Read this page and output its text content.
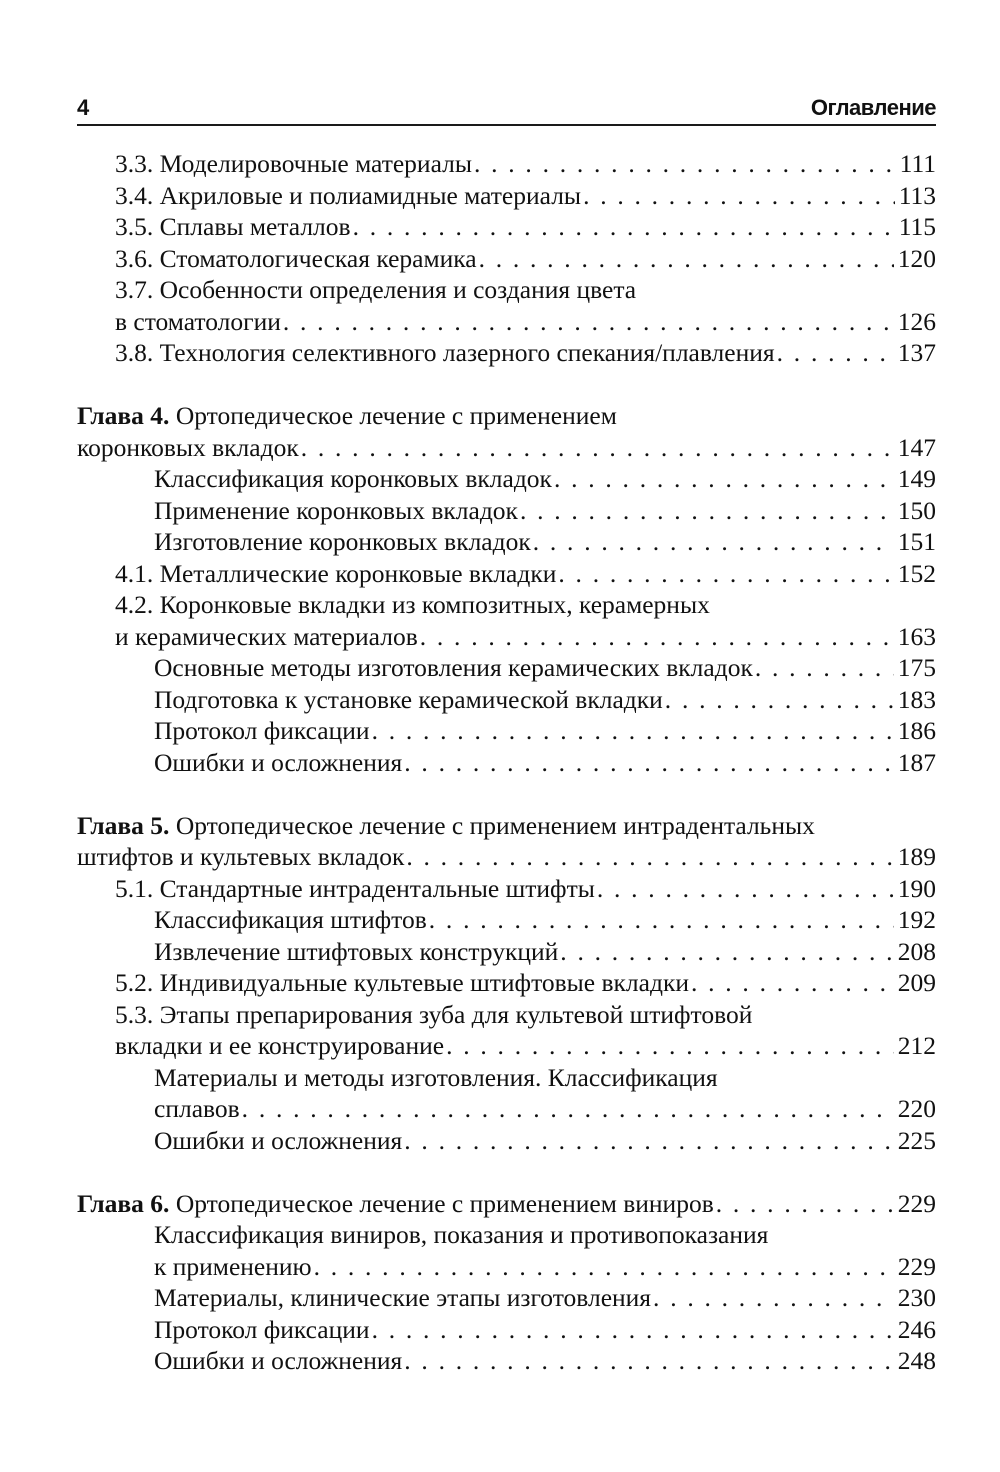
4	Оглавление
3.3. Моделировочные материалы . . .	111
3.4. Акриловые и полиамидные материалы . . .	113
3.5. Сплавы металлов . . .	115
3.6. Стоматологическая керамика . . .	120
3.7. Особенности определения и создания цвета
в стоматологии . . .	126
3.8. Технология селективного лазерного спекания/плавления . . .	137
Глава 4. Ортопедическое лечение с применением
коронковых вкладок . . .	147
Классификация коронковых вкладок . . .	149
Применение коронковых вкладок . . .	150
Изготовление коронковых вкладок . . .	151
4.1. Металлические коронковые вкладки . . .	152
4.2. Коронковые вкладки из композитных, керамерных
и керамических материалов . . .	163
Основные методы изготовления керамических вкладок . . .	175
Подготовка к установке керамической вкладки . . .	183
Протокол фиксации . . .	186
Ошибки и осложнения . . .	187
Глава 5. Ортопедическое лечение с применением интрадентальных
штифтов и культевых вкладок . . .	189
5.1. Стандартные интрадентальные штифты . . .	190
Классификация штифтов . . .	192
Извлечение штифтовых конструкций . . .	208
5.2. Индивидуальные культевые штифтовые вкладки . . .	209
5.3. Этапы препарирования зуба для культевой штифтовой
вкладки и ее конструирование . . .	212
Материалы и методы изготовления. Классификация
сплавов . . .	220
Ошибки и осложнения . . .	225
Глава 6. Ортопедическое лечение с применением виниров . . .	229
Классификация виниров, показания и противопоказания
к применению . . .	229
Материалы, клинические этапы изготовления . . .	230
Протокол фиксации . . .	246
Ошибки и осложнения . . .	248
